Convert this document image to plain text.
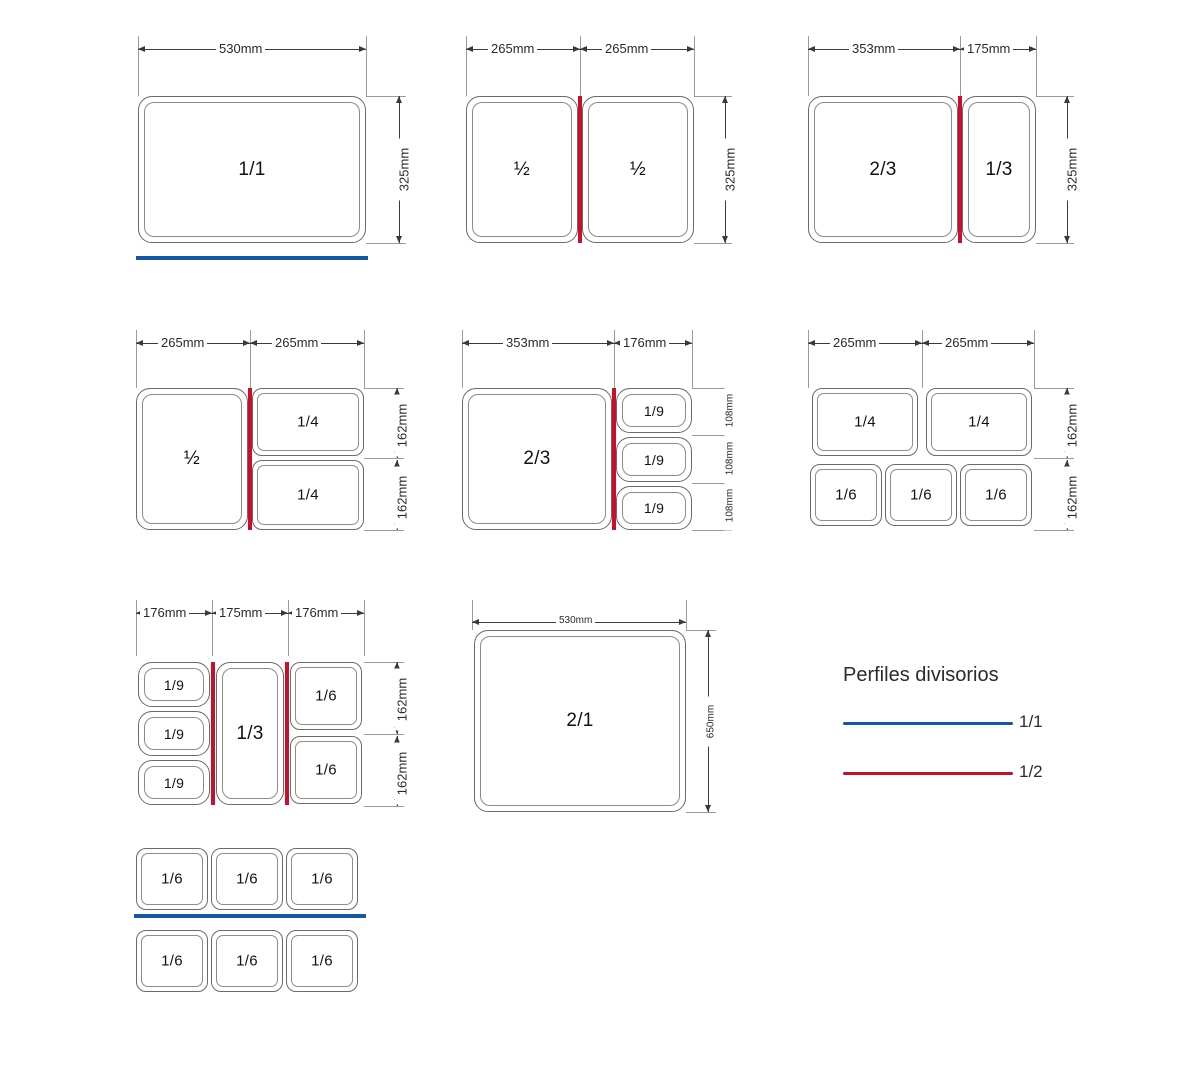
530mm
325mm
1/1
265mm	265mm
325mm
½	½
353mm	175mm
325mm
2/3	1/3
265mm	265mm
162mm
162mm
½
1/4
1/4
353mm	176mm
108mm
108mm
108mm
2/3
1/9
1/9
1/9
265mm	265mm
162mm
162mm
1/4	1/4
1/6	1/6	1/6
176mm	175mm	176mm
162mm
162mm
1/9
1/9
1/9
1/3
1/6
1/6
530mm
650mm
2/1
1/6	1/6	1/6
1/6	1/6	1/6
Perfiles divisorios
1/1
1/2
